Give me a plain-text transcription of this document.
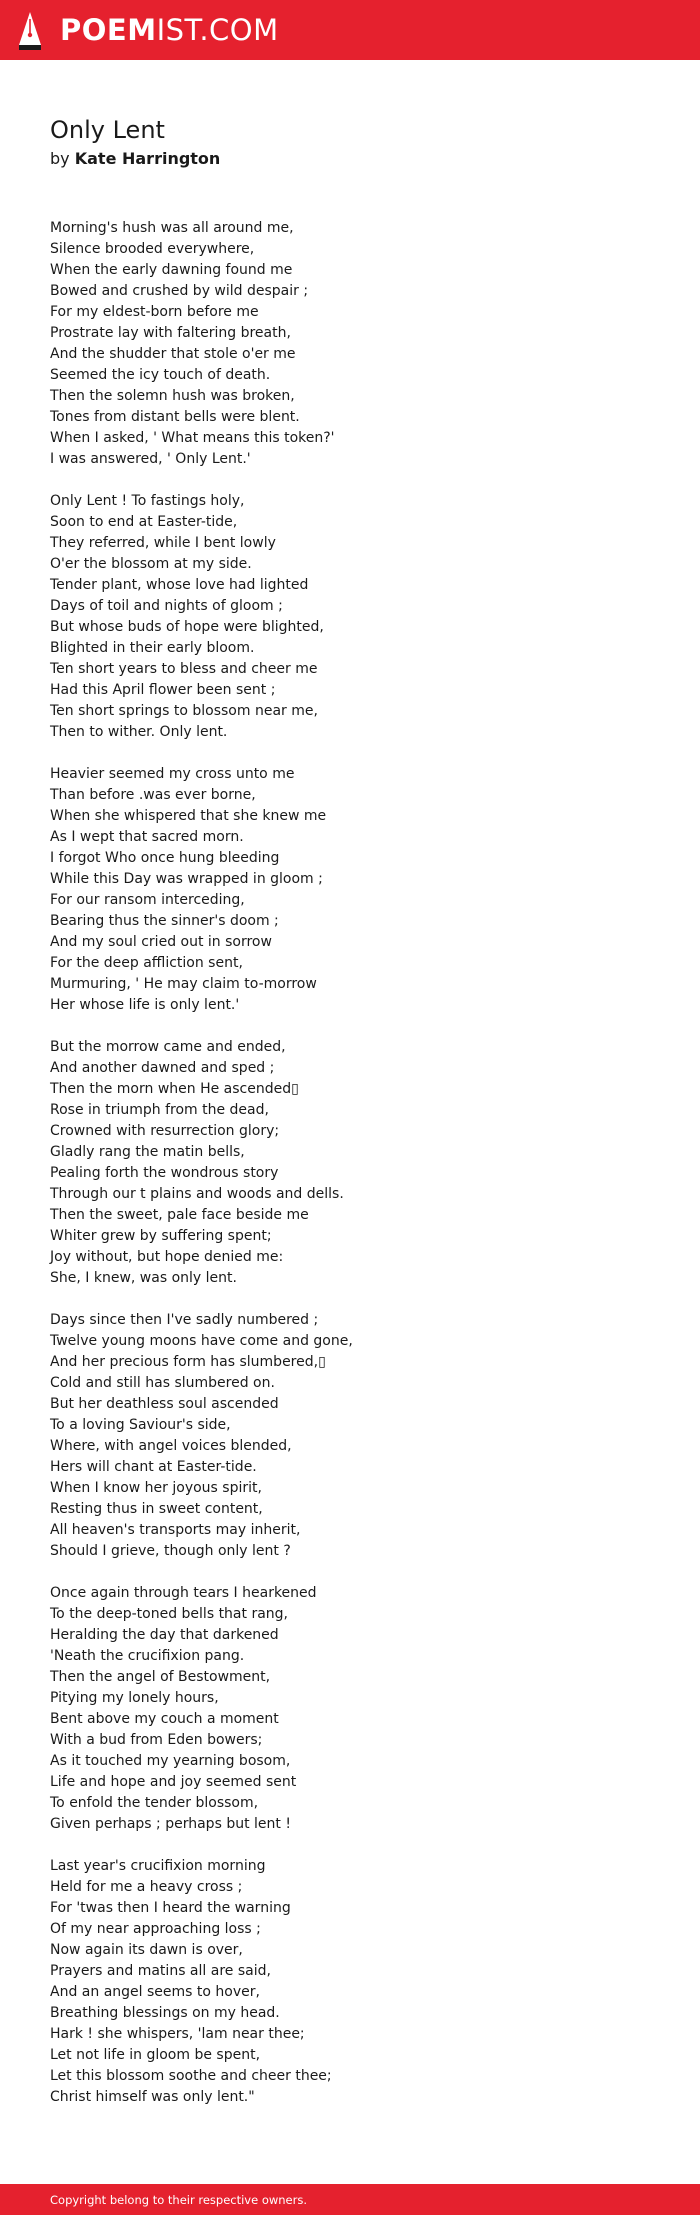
POEMIST.COM
Only Lent
by Kate Harrington
Morning's hush was all around me,
Silence brooded everywhere,
When the early dawning found me
Bowed and crushed by wild despair ;
For my eldest-born before me
Prostrate lay with faltering breath,
And the shudder that stole o'er me
Seemed the icy touch of death.
Then the solemn hush was broken,
Tones from distant bells were blent.
When I asked, ' What means this token?'
I was answered, ' Only Lent.'
Only Lent ! To fastings holy,
Soon to end at Easter-tide,
They referred, while I bent lowly
O'er the blossom at my side.
Tender plant, whose love had lighted
Days of toil and nights of gloom ;
But whose buds of hope were blighted,
Blighted in their early bloom.
Ten short years to bless and cheer me
Had this April flower been sent ;
Ten short springs to blossom near me,
Then to wither. Only lent.
Heavier seemed my cross unto me
Than before .was ever borne,
When she whispered that she knew me
As I wept that sacred morn.
I forgot Who once hung bleeding
While this Day was wrapped in gloom ;
For our ransom interceding,
Bearing thus the sinner's doom ;
And my soul cried out in sorrow
For the deep affliction sent,
Murmuring, ' He may claim to-morrow
Her whose life is only lent.'
But the morrow came and ended,
And another dawned and sped ;
Then the morn when He ascended▯
Rose in triumph from the dead,
Crowned with resurrection glory;
Gladly rang the matin bells,
Pealing forth the wondrous story
Through our t plains and woods and dells.
Then the sweet, pale face beside me
Whiter grew by suffering spent;
Joy without, but hope denied me:
She, I knew, was only lent.
Days since then I've sadly numbered ;
Twelve young moons have come and gone,
And her precious form has slumbered,▯
Cold and still has slumbered on.
But her deathless soul ascended
To a loving Saviour's side,
Where, with angel voices blended,
Hers will chant at Easter-tide.
When I know her joyous spirit,
Resting thus in sweet content,
All heaven's transports may inherit,
Should I grieve, though only lent ?
Once again through tears I hearkened
To the deep-toned bells that rang,
Heralding the day that darkened
'Neath the crucifixion pang.
Then the angel of Bestowment,
Pitying my lonely hours,
Bent above my couch a moment
With a bud from Eden bowers;
As it touched my yearning bosom,
Life and hope and joy seemed sent
To enfold the tender blossom,
Given perhaps ; perhaps but lent !
Last year's crucifixion morning
Held for me a heavy cross ;
For 'twas then I heard the warning
Of my near approaching loss ;
Now again its dawn is over,
Prayers and matins all are said,
And an angel seems to hover,
Breathing blessings on my head.
Hark ! she whispers, 'lam near thee;
Let not life in gloom be spent,
Let this blossom soothe and cheer thee;
Christ himself was only lent."
Copyright belong to their respective owners.
